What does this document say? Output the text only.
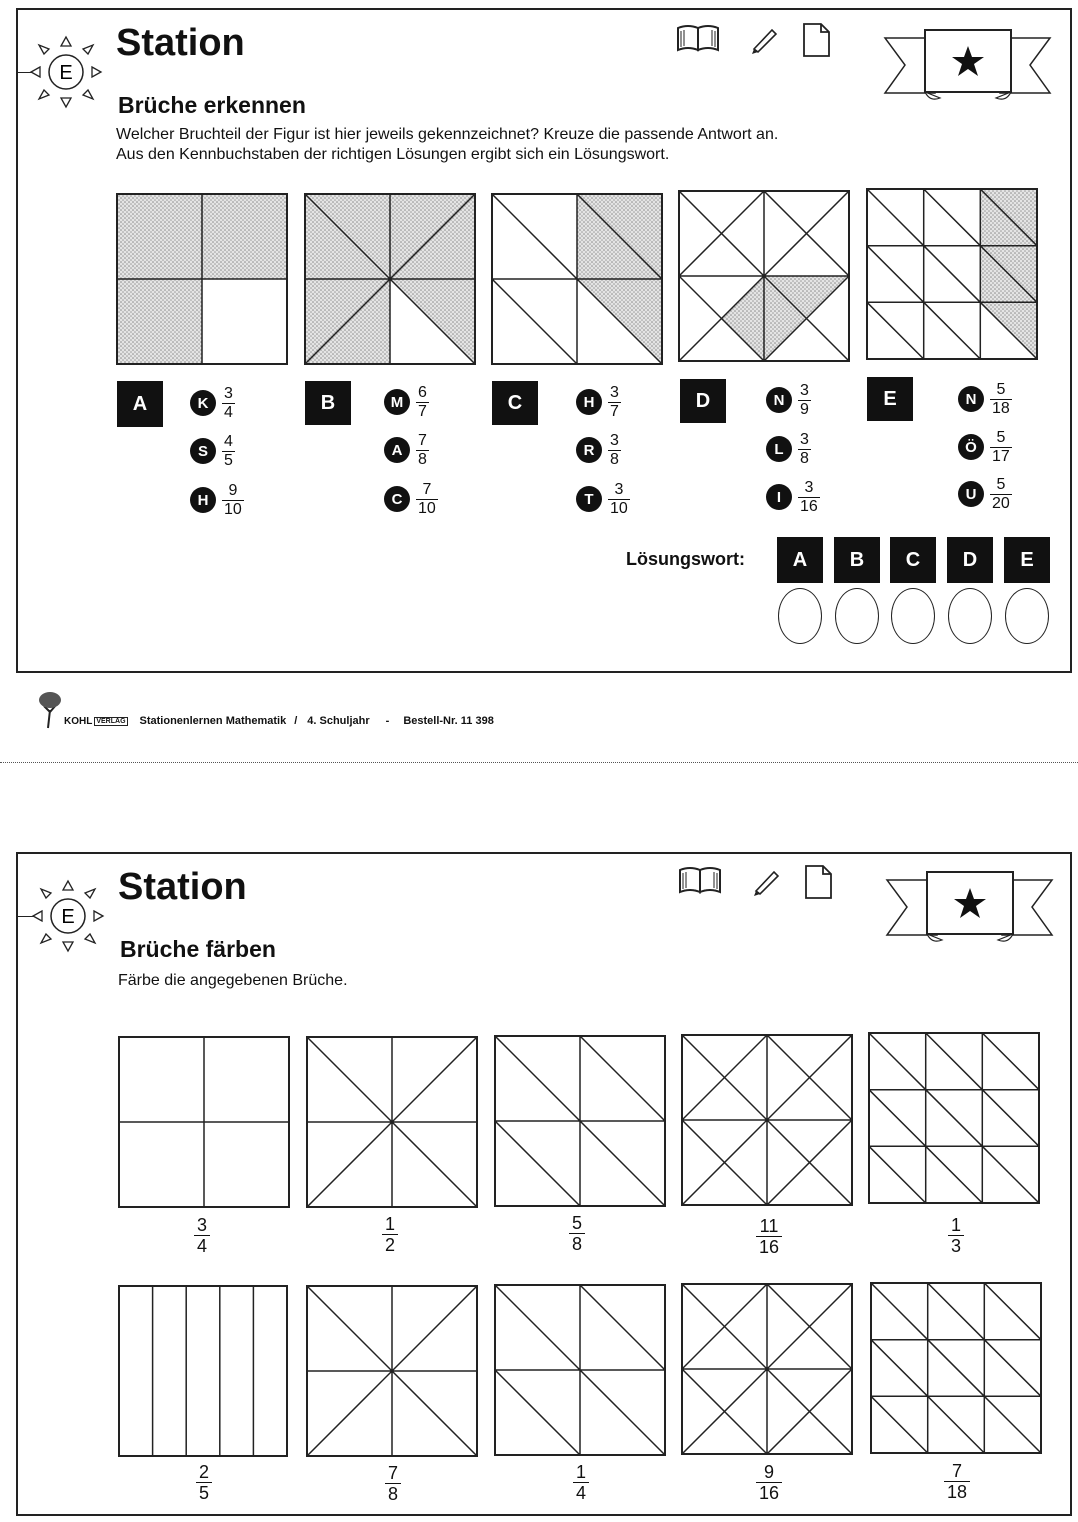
E
Station
Brüche erkennen
Welcher Bruchteil der Figur ist hier jeweils gekennzeichnet? Kreuze die passende Antwort an.
Aus den Kennbuchstaben der richtigen Lösungen ergibt sich ein Lösungswort.
A	B	C	D	E
K $\frac{3}{4}$
S $\frac{4}{5}$
H $\frac{9}{10}$
M $\frac{6}{7}$
A $\frac{7}{8}$
C $\frac{7}{10}$
H $\frac{3}{7}$
R $\frac{3}{8}$
T $\frac{3}{10}$
N $\frac{3}{9}$
L $\frac{3}{8}$
I	$\frac{3}{16}$
N $\frac{5}{18}$
Ö $\frac{5}{17}$
U $\frac{5}{20}$
Lösungswort:	A	B	C	D	E
KOHL VERLAG Stationenlernen Mathematik / 4. Schuljahr - Bestell-Nr. 11 398
E
Station
Brüche färben
Färbe die angegebenen Brüche.
$\frac{3}{4}$	$\frac{1}{2}$	$\frac{5}{8}$	$\frac{11}{16}$	$\frac{1}{3}$
$\frac{2}{5}$	$\frac{7}{8}$	$\frac{1}{4}$	$\frac{9}{16}$	$\frac{7}{18}$
